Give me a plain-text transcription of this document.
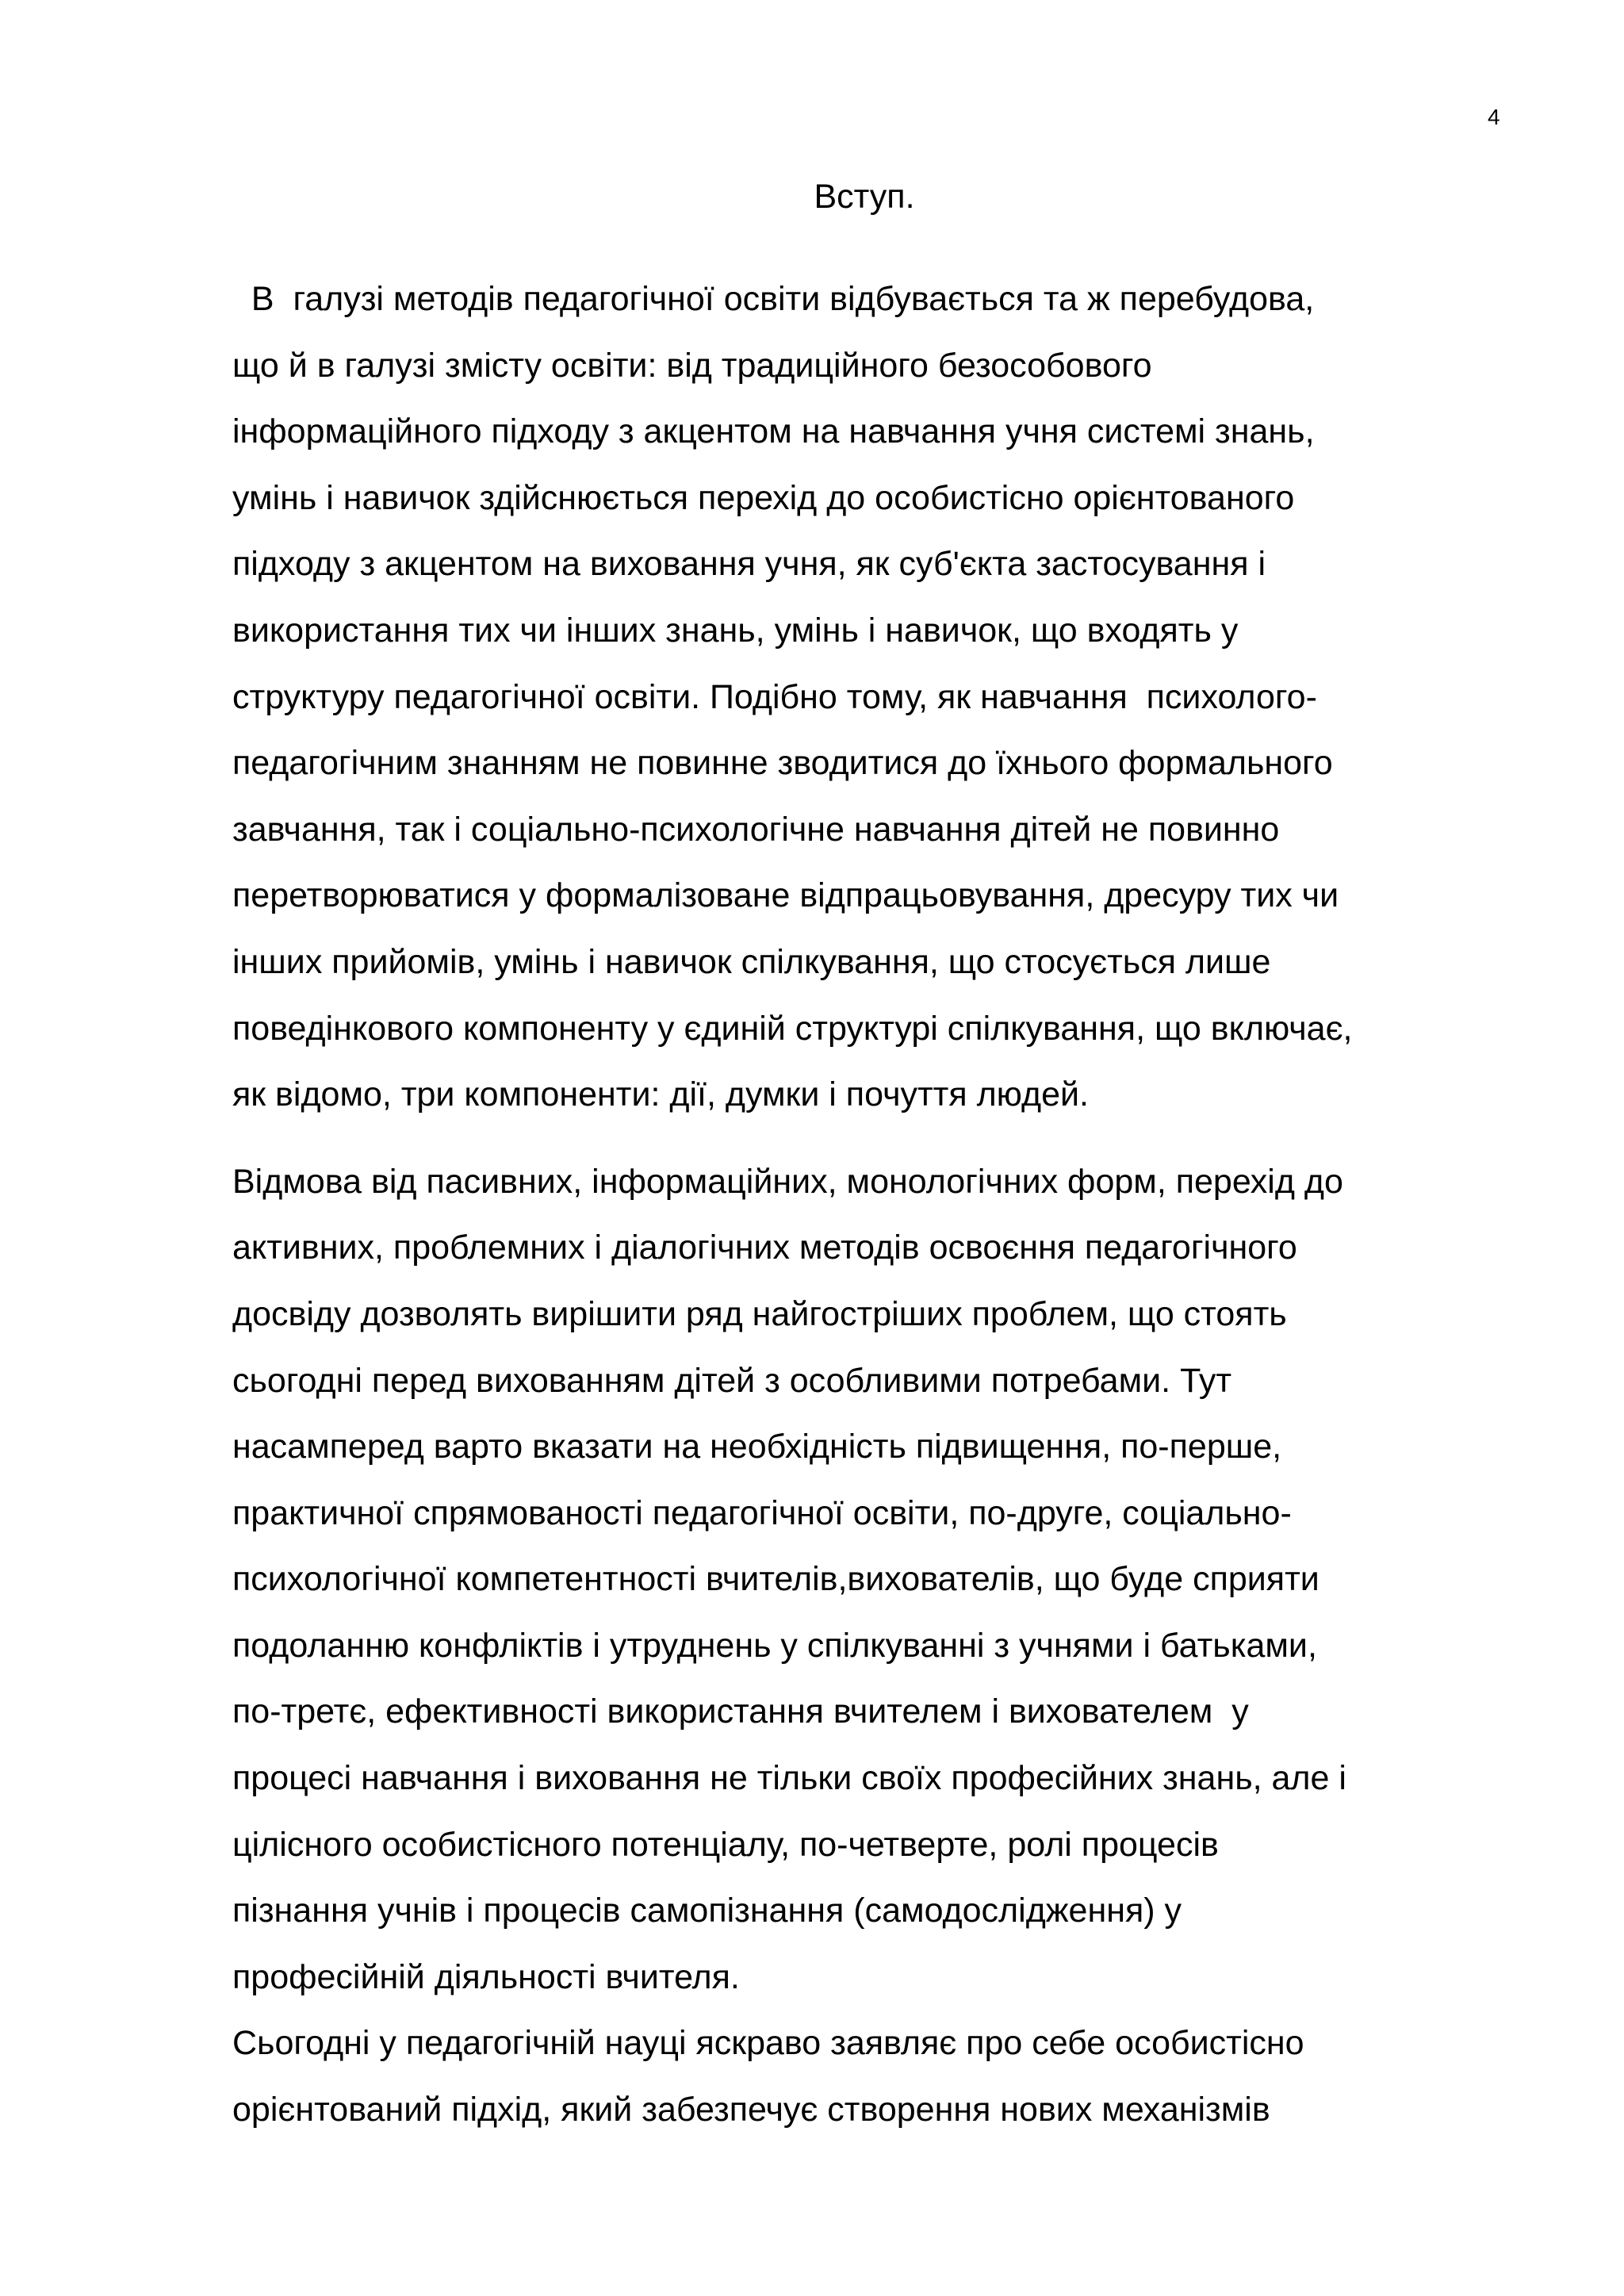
4
Вступ.
В  галузі методів педагогічної освіти відбувається та ж перебудова,
що й в галузі змісту освіти: від традиційного безособового
інформаційного підходу з акцентом на навчання учня системі знань,
умінь і навичок здійснюється перехід до особистісно орієнтованого
підходу з акцентом на виховання учня, як суб'єкта застосування і
використання тих чи інших знань, умінь і навичок, що входять у
структуру педагогічної освіти. Подібно тому, як навчання  психолого-
педагогічним знанням не повинне зводитися до їхнього формального
завчання, так і соціально-психологічне навчання дітей не повинно
перетворюватися у формалізоване відпрацьовування, дресуру тих чи
інших прийомів, умінь і навичок спілкування, що стосується лише
поведінкового компоненту у єдиній структурі спілкування, що включає,
як відомо, три компоненти: дії, думки і почуття людей.
Відмова від пасивних, інформаційних, монологічних форм, перехід до
активних, проблемних і діалогічних методів освоєння педагогічного
досвіду дозволять вирішити ряд найгостріших проблем, що стоять
сьогодні перед вихованням дітей з особливими потребами. Тут
насамперед варто вказати на необхідність підвищення, по-перше,
практичної спрямованості педагогічної освіти, по-друге, соціально-
психологічної компетентності вчителів,вихователів, що буде сприяти
подоланню конфліктів і утруднень у спілкуванні з учнями і батьками,
по-третє, ефективності використання вчителем і вихователем  у
процесі навчання і виховання не тільки своїх професійних знань, але і
цілісного особистісного потенціалу, по-четверте, ролі процесів
пізнання учнів і процесів самопізнання (самодослідження) у
професійній діяльності вчителя.
Сьогодні у педагогічній науці яскраво заявляє про себе особистісно
орієнтований підхід, який забезпечує створення нових механізмів
